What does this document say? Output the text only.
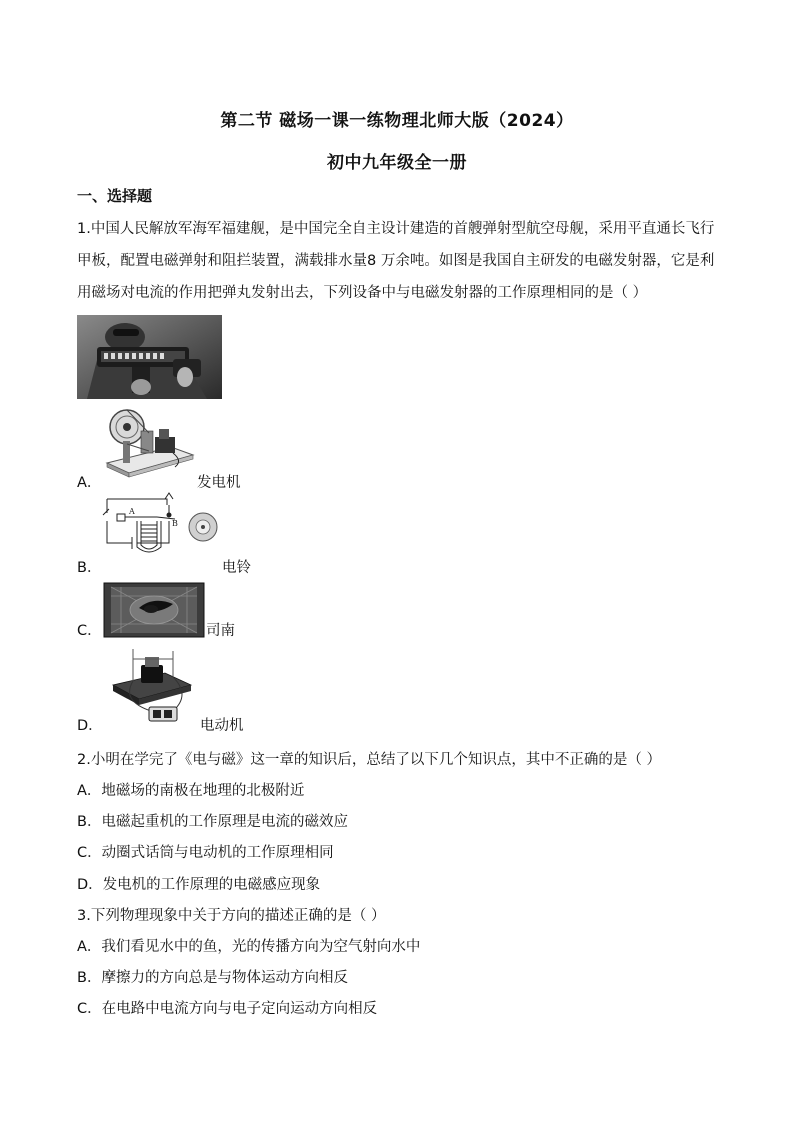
第二节 磁场一课一练物理北师大版（2024）
初中九年级全一册
一、选择题
1.中国人民解放军海军福建舰，是中国完全自主设计建造的首艘弹射型航空母舰，采用平直通长飞行
甲板，配置电磁弹射和阻拦装置，满载排水量8 万余吨。如图是我国自主研发的电磁发射器，它是利
用磁场对电流的作用把弹丸发射出去，下列设备中与电磁发射器的工作原理相同的是（ ）
A．	发电机
A
B
B．	电铃
C．	司南
D．	电动机
2.小明在学完了《电与磁》这一章的知识后，总结了以下几个知识点，其中不正确的是（ ）
A．地磁场的南极在地理的北极附近
B．电磁起重机的工作原理是电流的磁效应
C．动圈式话筒与电动机的工作原理相同
D．发电机的工作原理的电磁感应现象
3.下列物理现象中关于方向的描述正确的是（ ）
A．我们看见水中的鱼，光的传播方向为空气射向水中
B．摩擦力的方向总是与物体运动方向相反
C．在电路中电流方向与电子定向运动方向相反
